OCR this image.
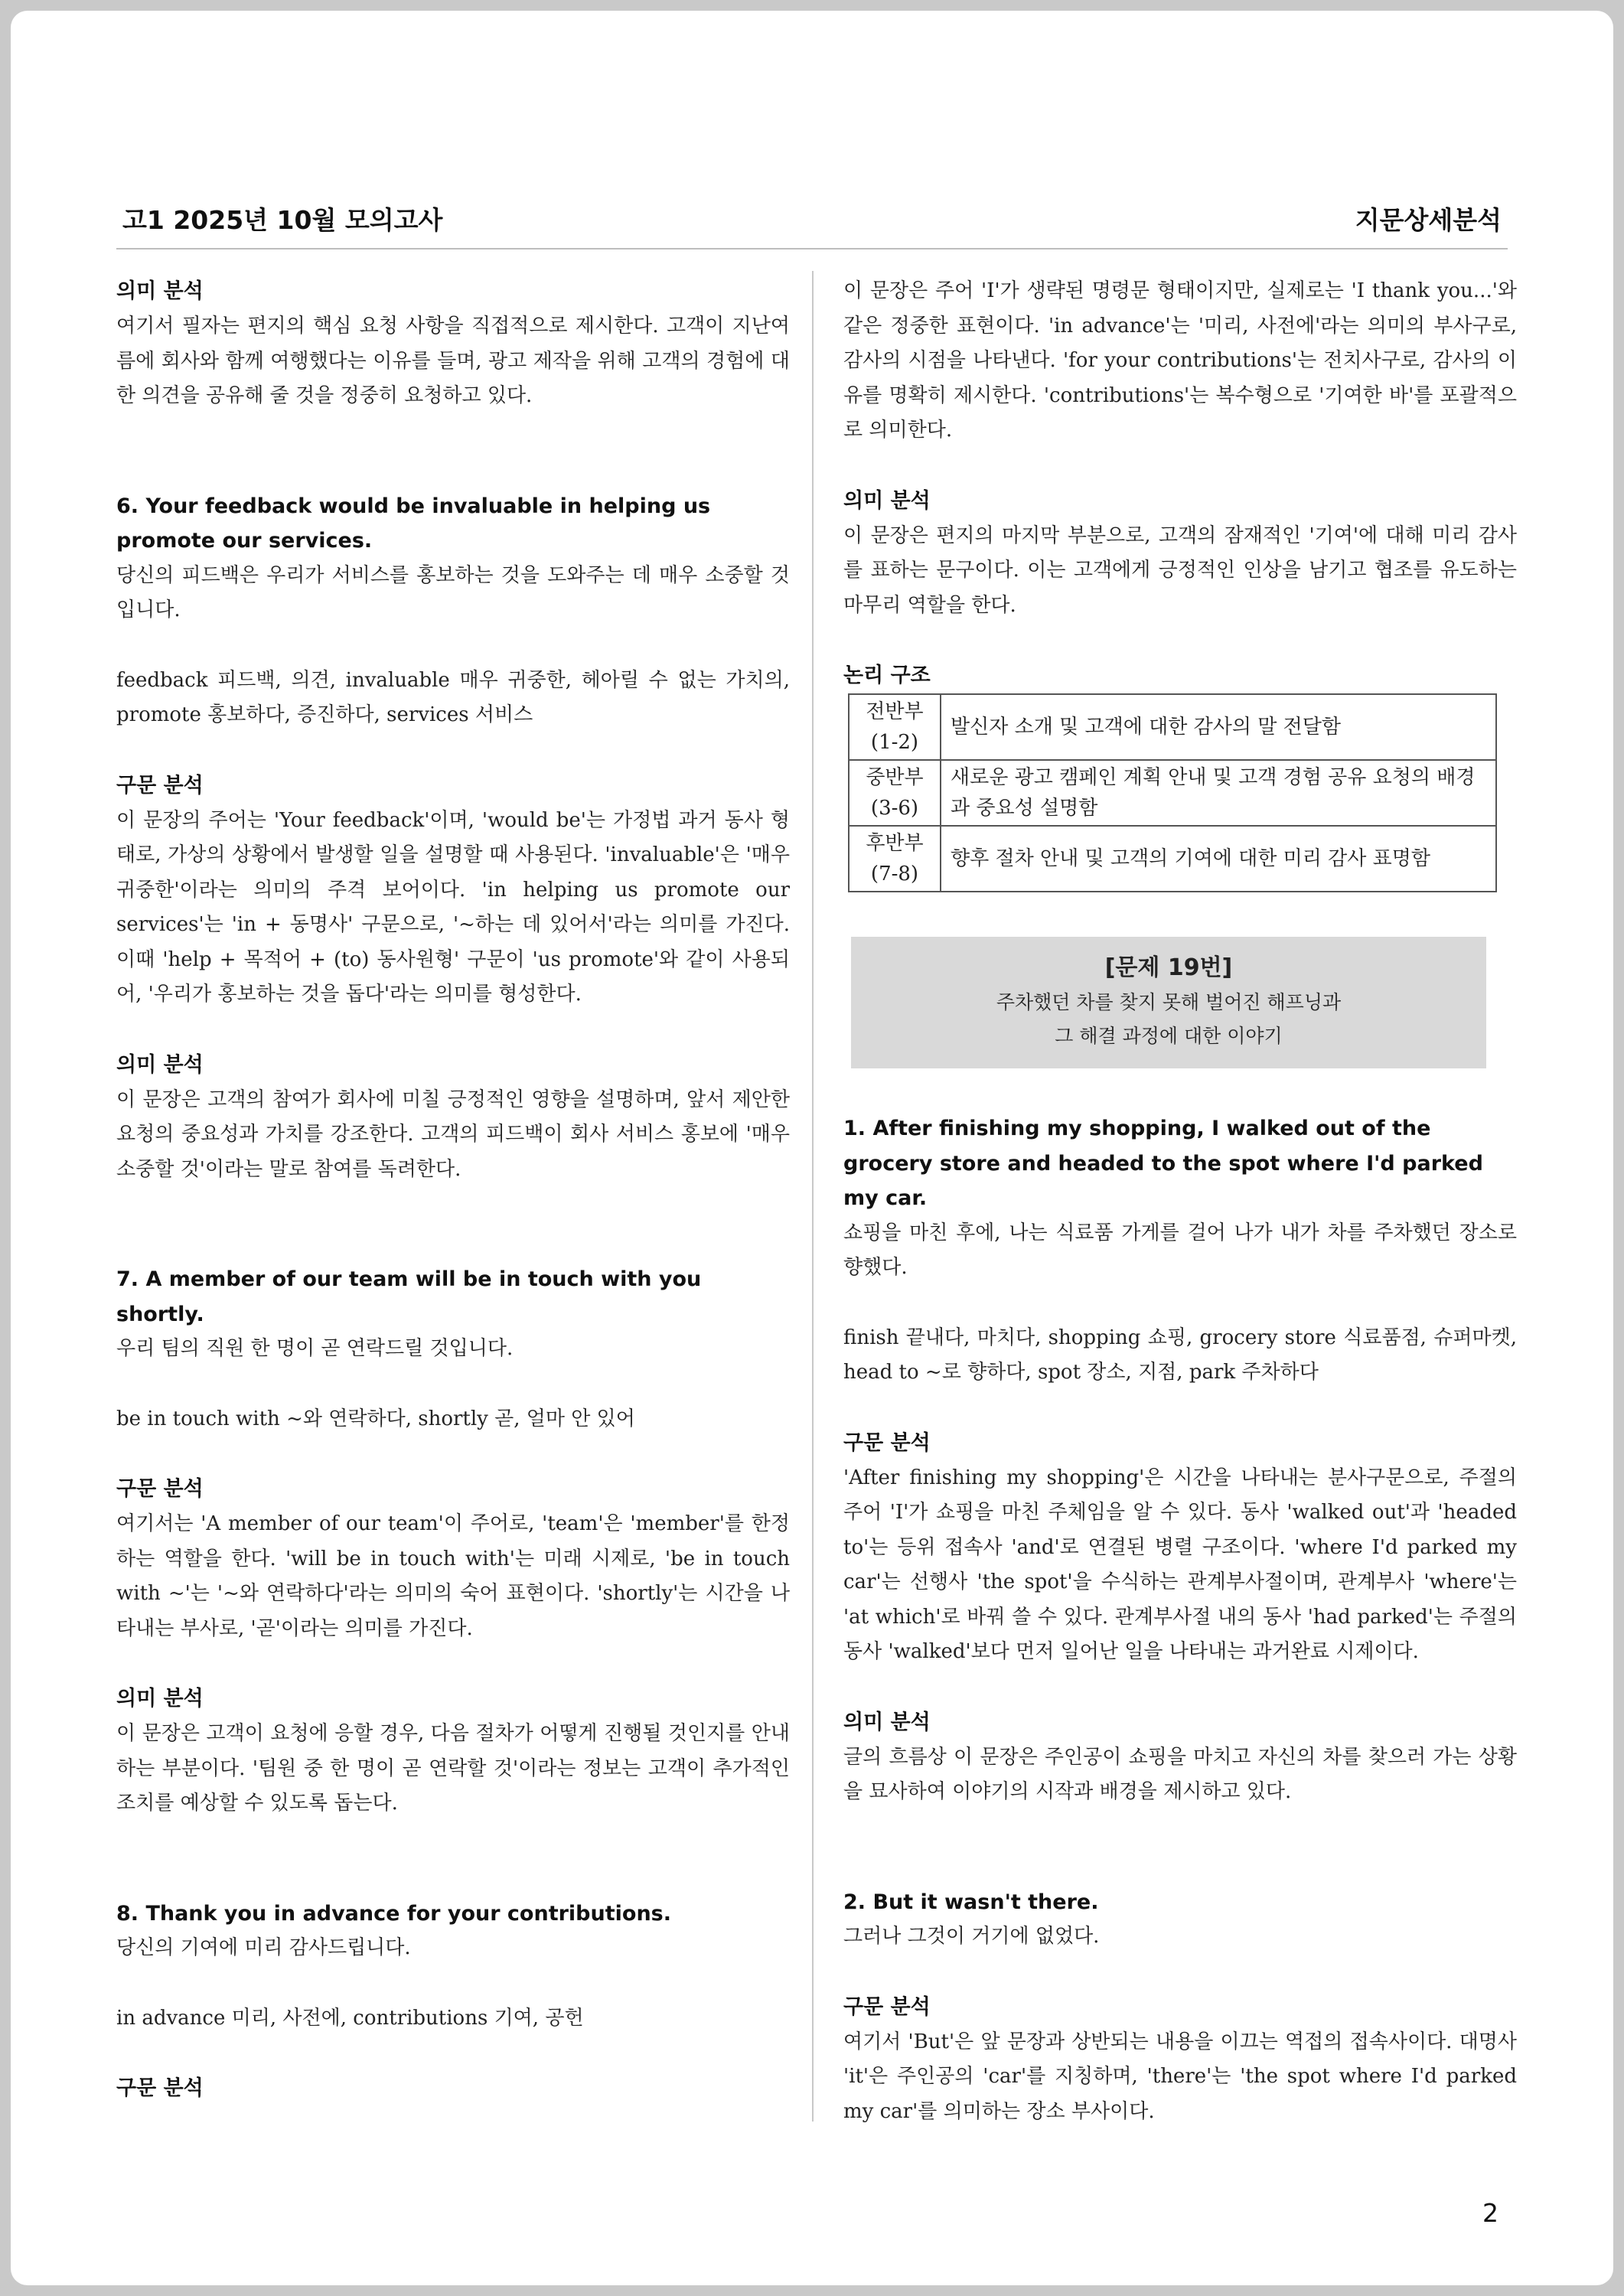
고1 2025년 10월 모의고사	지문상세분석
의미 분석

여기서 필자는 편지의 핵심 요청 사항을 직접적으로 제시한다. 고객이 지난여름에 회사와 함께 여행했다는 이유를 들며, 광고 제작을 위해 고객의 경험에 대한 의견을 공유해 줄 것을 정중히 요청하고 있다.

6. Your feedback would be invaluable in helping us promote our services.

당신의 피드백은 우리가 서비스를 홍보하는 것을 도와주는 데 매우 소중할 것입니다.

feedback 피드백, 의견, invaluable 매우 귀중한, 헤아릴 수 없는 가치의, promote 홍보하다, 증진하다, services 서비스

구문 분석

이 문장의 주어는 'Your feedback'이며, 'would be'는 가정법 과거 동사 형태로, 가상의 상황에서 발생할 일을 설명할 때 사용된다. 'invaluable'은 '매우 귀중한'이라는 의미의 주격 보어이다. 'in helping us promote our services'는 'in + 동명사' 구문으로, '~하는 데 있어서'라는 의미를 가진다. 이때 'help + 목적어 + (to) 동사원형' 구문이 'us promote'와 같이 사용되어, '우리가 홍보하는 것을 돕다'라는 의미를 형성한다.

의미 분석

이 문장은 고객의 참여가 회사에 미칠 긍정적인 영향을 설명하며, 앞서 제안한 요청의 중요성과 가치를 강조한다. 고객의 피드백이 회사 서비스 홍보에 '매우 소중할 것'이라는 말로 참여를 독려한다.

7. A member of our team will be in touch with you shortly.

우리 팀의 직원 한 명이 곧 연락드릴 것입니다.

be in touch with ~와 연락하다, shortly 곧, 얼마 안 있어

구문 분석

여기서는 'A member of our team'이 주어로, 'team'은 'member'를 한정하는 역할을 한다. 'will be in touch with'는 미래 시제로, 'be in touch with ~'는 '~와 연락하다'라는 의미의 숙어 표현이다. 'shortly'는 시간을 나타내는 부사로, '곧'이라는 의미를 가진다.

의미 분석

이 문장은 고객이 요청에 응할 경우, 다음 절차가 어떻게 진행될 것인지를 안내하는 부분이다. '팀원 중 한 명이 곧 연락할 것'이라는 정보는 고객이 추가적인 조치를 예상할 수 있도록 돕는다.

8. Thank you in advance for your contributions.

당신의 기여에 미리 감사드립니다.

in advance 미리, 사전에, contributions 기여, 공헌

구문 분석

이 문장은 주어 'I'가 생략된 명령문 형태이지만, 실제로는 'I thank you...'와 같은 정중한 표현이다. 'in advance'는 '미리, 사전에'라는 의미의 부사구로, 감사의 시점을 나타낸다. 'for your contributions'는 전치사구로, 감사의 이유를 명확히 제시한다. 'contributions'는 복수형으로 '기여한 바'를 포괄적으로 의미한다.

의미 분석

이 문장은 편지의 마지막 부분으로, 고객의 잠재적인 '기여'에 대해 미리 감사를 표하는 문구이다. 이는 고객에게 긍정적인 인상을 남기고 협조를 유도하는 마무리 역할을 한다.

논리 구조
전반부
(1-2)	발신자 소개 및 고객에 대한 감사의 말 전달함
중반부
(3-6)	새로운 광고 캠페인 계획 안내 및 고객 경험 공유 요청의 배경과 중요성 설명함
후반부
(7-8)	향후 절차 안내 및 고객의 기여에 대한 미리 감사 표명함
[문제 19번]
주차했던 차를 찾지 못해 벌어진 해프닝과
그 해결 과정에 대한 이야기

1. After finishing my shopping, I walked out of the grocery store and headed to the spot where I'd parked my car.

쇼핑을 마친 후에, 나는 식료품 가게를 걸어 나가 내가 차를 주차했던 장소로 향했다.

finish 끝내다, 마치다, shopping 쇼핑, grocery store 식료품점, 슈퍼마켓, head to ~로 향하다, spot 장소, 지점, park 주차하다

구문 분석

'After finishing my shopping'은 시간을 나타내는 분사구문으로, 주절의 주어 'I'가 쇼핑을 마친 주체임을 알 수 있다. 동사 'walked out'과 'headed to'는 등위 접속사 'and'로 연결된 병렬 구조이다. 'where I'd parked my car'는 선행사 'the spot'을 수식하는 관계부사절이며, 관계부사 'where'는 'at which'로 바꿔 쓸 수 있다. 관계부사절 내의 동사 'had parked'는 주절의 동사 'walked'보다 먼저 일어난 일을 나타내는 과거완료 시제이다.

의미 분석

글의 흐름상 이 문장은 주인공이 쇼핑을 마치고 자신의 차를 찾으러 가는 상황을 묘사하여 이야기의 시작과 배경을 제시하고 있다.

2. But it wasn't there.

그러나 그것이 거기에 없었다.

구문 분석

여기서 'But'은 앞 문장과 상반되는 내용을 이끄는 역접의 접속사이다. 대명사 'it'은 주인공의 'car'를 지칭하며, 'there'는 'the spot where I'd parked my car'를 의미하는 장소 부사이다.

2
